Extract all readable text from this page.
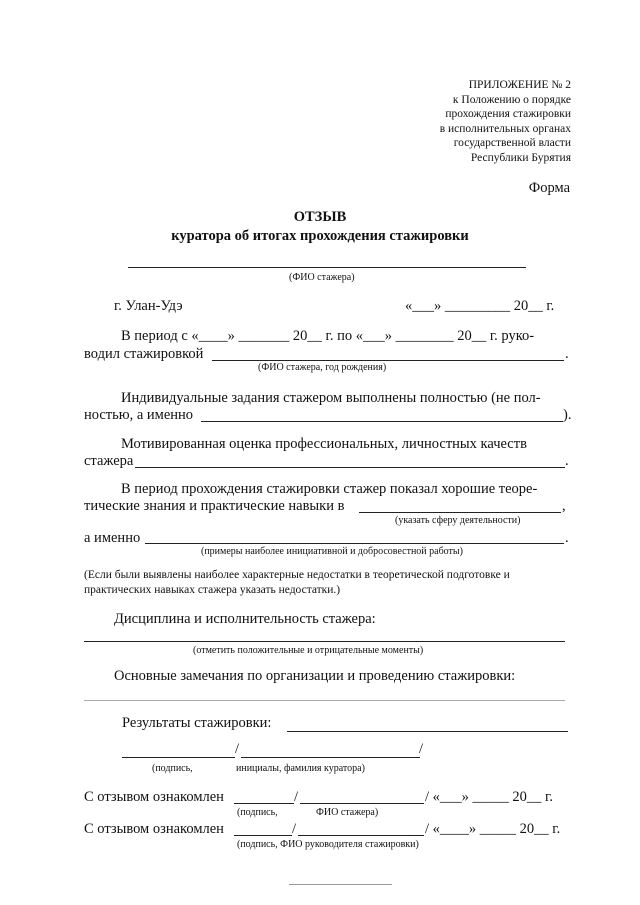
ПРИЛОЖЕНИЕ № 2
к Положению о порядке
прохождения стажировки
в исполнительных органах
государственной власти
Республики Бурятия
Форма
ОТЗЫВ
куратора об итогах прохождения стажировки
(ФИО стажера)
г. Улан-Удэ	«___» _________ 20__ г.
В период с «____» _______ 20__ г. по «___» ________ 20__ г. руко-
водил стажировкой	.
(ФИО стажера, год рождения)
Индивидуальные задания стажером выполнены полностью (не пол-
ностью, а именно	).
Мотивированная оценка профессиональных, личностных качеств
стажера	.
В период прохождения стажировки стажер показал хорошие теоре-
тические знания и практические навыки в	,
(указать сферу деятельности)
а именно	.
(примеры наиболее инициативной и добросовестной работы)
(Если были выявлены наиболее характерные недостатки в теоретической подготовке и
практических навыках стажера указать недостатки.)
Дисциплина и исполнительность стажера:
(отметить положительные и отрицательные моменты)
Основные замечания по организации и проведению стажировки:
Результаты стажировки:
/	/
(подпись,	инициалы, фамилия куратора)
С отзывом ознакомлен	/	/ «___» _____ 20__ г.
(подпись,	ФИО стажера)
С отзывом ознакомлен	/	/ «____» _____ 20__ г.
(подпись, ФИО руководителя стажировки)
